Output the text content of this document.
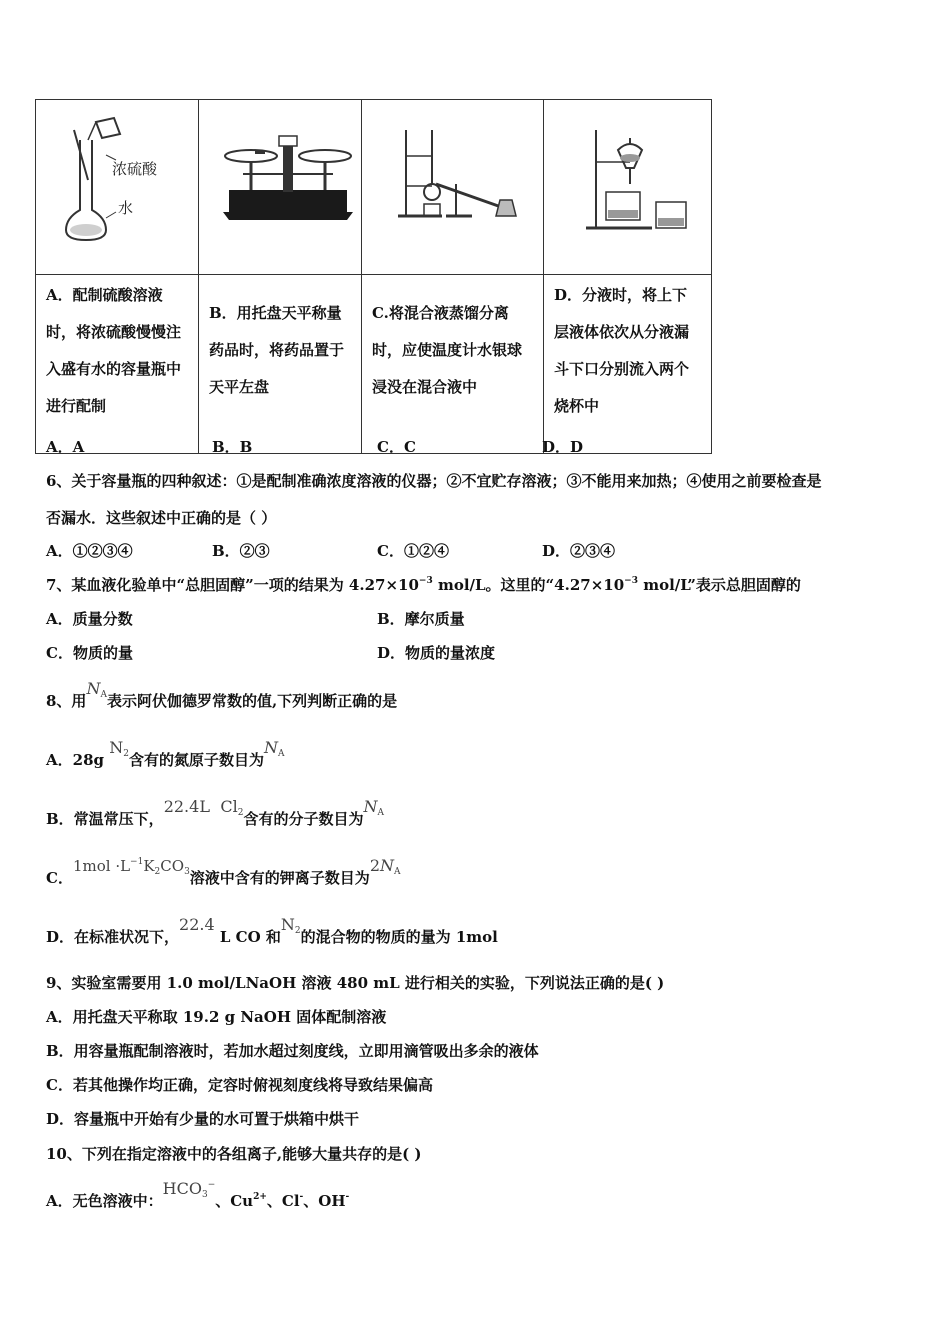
浓硫酸
水

A．配制硫酸溶液时，将浓硫酸慢慢注入盛有水的容量瓶中进行配制	B．用托盘天平称量药品时，将药品置于天平左盘	C.将混合液蒸馏分离时，应使温度计水银球浸没在混合液中	D．分液时，将上下层液体依次从分液漏斗下口分别流入两个烧杯中
A．A	B．B	C．C	D．D
6、关于容量瓶的四种叙述：①是配制准确浓度溶液的仪器；②不宜贮存溶液；③不能用来加热；④使用之前要检查是
否漏水．这些叙述中正确的是（ ）
A．①②③④	B．②③	C．①②④	D．②③④
7、某血液化验单中“总胆固醇”一项的结果为 $4.27\times 10^{-3}$ mol/L。这里的“$4.27\times 10^{-3}$ mol/L”表示总胆固醇的
A．质量分数	B．摩尔质量
C．物质的量	D．物质的量浓度
8、用$N_A$表示阿伏伽德罗常数的值,下列判断正确的是
A．28g $N_2$含有的氮原子数目为$N_A$
B．常温常压下，22.4L $Cl_2$含有的分子数目为$N_A$
C．$1mol \cdot L^{-1}K_2CO_3$溶液中含有的钾离子数目为$2N_A$
D．在标准状况下，22.4 L CO 和$N_2$的混合物的物质的量为 1mol
9、实验室需要用 1.0 mol/LNaOH 溶液 480 mL 进行相关的实验，下列说法正确的是( )
A．用托盘天平称取 19.2 g NaOH 固体配制溶液
B．用容量瓶配制溶液时，若加水超过刻度线，立即用滴管吸出多余的液体
C．若其他操作均正确，定容时俯视刻度线将导致结果偏高
D．容量瓶中开始有少量的水可置于烘箱中烘干
10、下列在指定溶液中的各组离子,能够大量共存的是( )
A．无色溶液中：$HCO_3^-$、$Cu^{2+}$、Cl-、OH-
